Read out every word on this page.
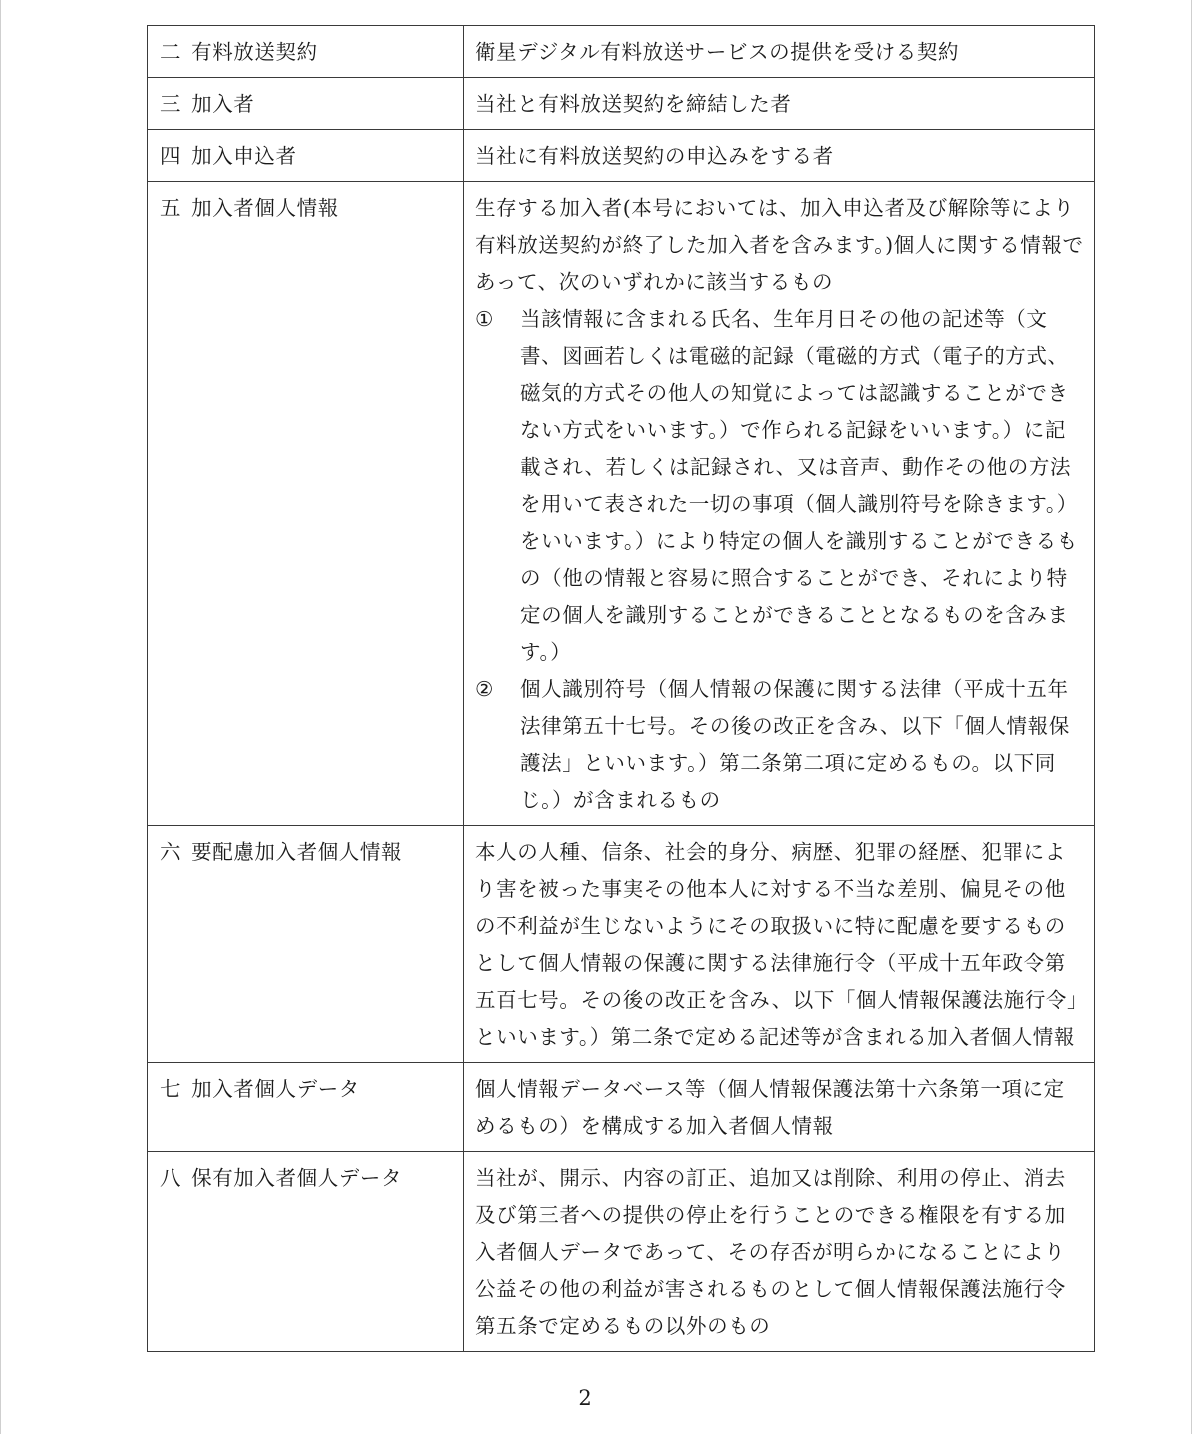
二 有料放送契約	衛星デジタル有料放送サービスの提供を受ける契約
三 加入者	当社と有料放送契約を締結した者
四 加入申込者	当社に有料放送契約の申込みをする者
五 加入者個人情報	生存する加入者(本号においては、加入申込者及び解除等により有料放送契約が終了した加入者を含みます。)個人に関する情報であって、次のいずれかに該当するもの
① 当該情報に含まれる氏名、生年月日その他の記述等（文書、図画若しくは電磁的記録（電磁的方式（電子的方式、磁気的方式その他人の知覚によっては認識することができない方式をいいます。）で作られる記録をいいます。）に記載され、若しくは記録され、又は音声、動作その他の方法を用いて表された一切の事項（個人識別符号を除きます。）をいいます。）により特定の個人を識別することができるもの（他の情報と容易に照合することができ、それにより特定の個人を識別することができることとなるものを含みます。）
② 個人識別符号（個人情報の保護に関する法律（平成十五年法律第五十七号。その後の改正を含み、以下「個人情報保護法」といいます。）第二条第二項に定めるもの。以下同じ。）が含まれるもの

六 要配慮加入者個人情報	本人の人種、信条、社会的身分、病歴、犯罪の経歴、犯罪により害を被った事実その他本人に対する不当な差別、偏見その他の不利益が生じないようにその取扱いに特に配慮を要するものとして個人情報の保護に関する法律施行令（平成十五年政令第五百七号。その後の改正を含み、以下「個人情報保護法施行令」といいます。）第二条で定める記述等が含まれる加入者個人情報
七 加入者個人データ	個人情報データベース等（個人情報保護法第十六条第一項に定めるもの）を構成する加入者個人情報
八 保有加入者個人データ	当社が、開示、内容の訂正、追加又は削除、利用の停止、消去及び第三者への提供の停止を行うことのできる権限を有する加入者個人データであって、その存否が明らかになることにより公益その他の利益が害されるものとして個人情報保護法施行令第五条で定めるもの以外のもの
2
